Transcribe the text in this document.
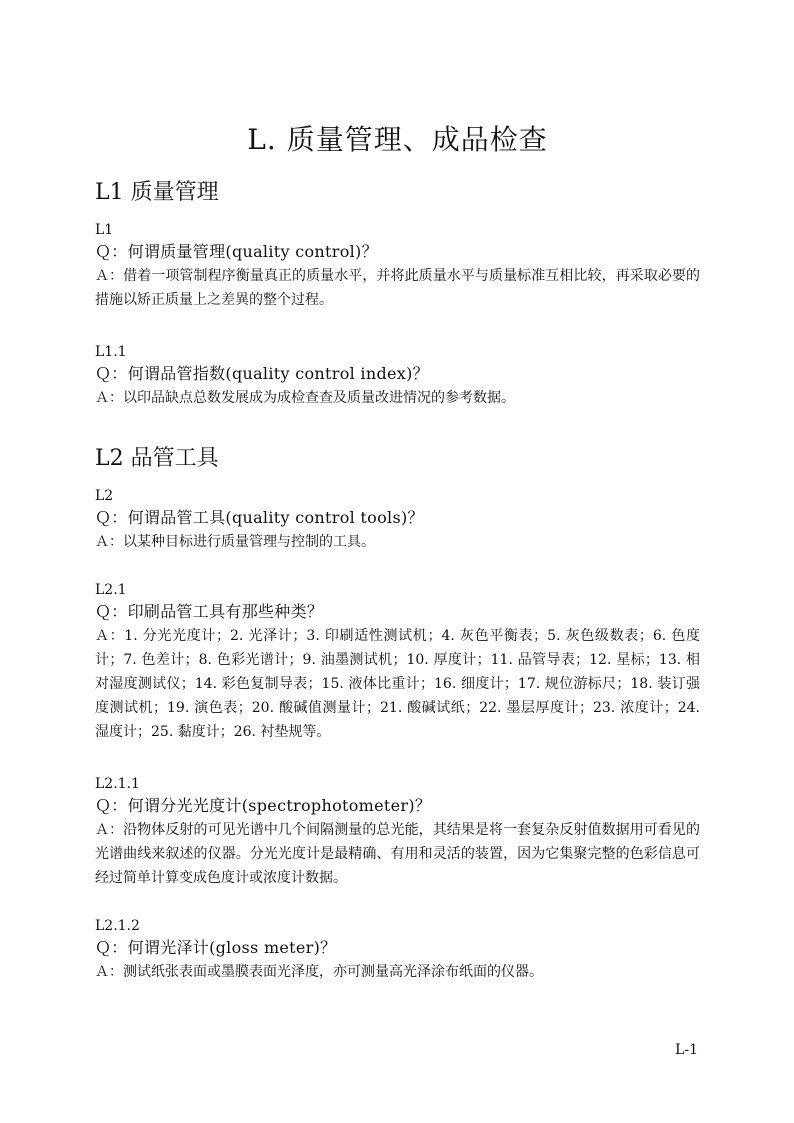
L. 质量管理、成品检查
L1 质量管理
L1
Ｑ：何谓质量管理(quality control)？
Ａ：借着一项管制程序衡量真正的质量水平，并将此质量水平与质量标准互相比较，再采取必要的措施以矫正质量上之差異的整个过程。
L1.1
Ｑ：何谓品管指数(quality control index)？
Ａ：以印品缺点总数发展成为成检查查及质量改进情况的参考数据。
L2 品管工具
L2
Ｑ：何谓品管工具(quality control tools)？
Ａ：以某种目标进行质量管理与控制的工具。
L2.1
Ｑ：印刷品管工具有那些种类？
Ａ：1. 分光光度计；2. 光泽计；3. 印刷适性测试机；4. 灰色平衡表；5. 灰色级数表；6. 色度计；7. 色差计；8. 色彩光谱计；9. 油墨测试机；10. 厚度计；11. 品管导表；12. 星标；13. 相对湿度测试仪；14. 彩色复制导表；15. 液体比重计；16. 细度计；17. 规位游标尺；18. 装订强度测试机；19. 演色表；20. 酸碱值测量计；21. 酸碱试纸；22. 墨层厚度计；23. 浓度计；24. 湿度计；25. 黏度计；26. 衬垫规等。
L2.1.1
Ｑ：何谓分光光度计(spectrophotometer)？
Ａ：沿物体反射的可见光谱中几个间隔测量的总光能，其结果是将一套复杂反射值数据用可看见的光谱曲线来叙述的仪器。分光光度计是最精确、有用和灵活的装置，因为它集聚完整的色彩信息可经过简单计算变成色度计或浓度计数据。
L2.1.2
Ｑ：何谓光泽计(gloss meter)？
Ａ：测试纸张表面或墨膜表面光泽度，亦可测量高光泽涂布纸面的仪器。
L-1
